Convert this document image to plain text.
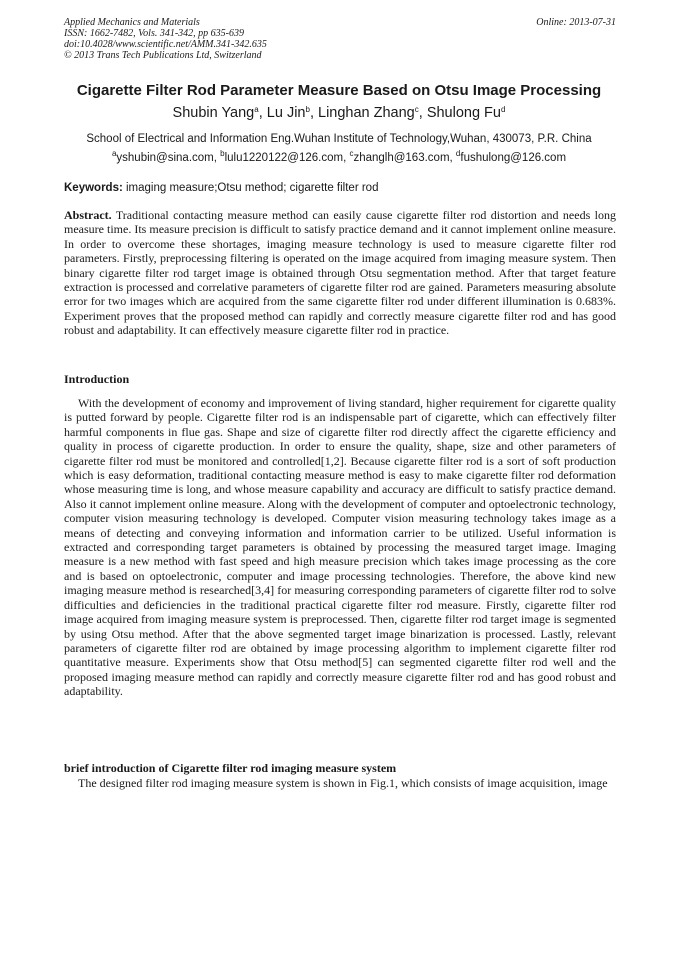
Applied Mechanics and Materials
ISSN: 1662-7482, Vols. 341-342, pp 635-639
doi:10.4028/www.scientific.net/AMM.341-342.635
© 2013 Trans Tech Publications Ltd, Switzerland
Online: 2013-07-31
Cigarette Filter Rod Parameter Measure Based on Otsu Image Processing
Shubin Yang$^a$, Lu Jin$^b$, Linghan Zhang$^c$, Shulong Fu$^d$
School of Electrical and Information Eng.Wuhan Institute of Technology,Wuhan, 430073, P.R. China
$^a$yshubin@sina.com, $^b$lulu1220122@126.com, $^c$zhanglh@163.com, $^d$fushulong@126.com
Keywords: imaging measure;Otsu method; cigarette filter rod
Abstract. Traditional contacting measure method can easily cause cigarette filter rod distortion and needs long measure time. Its measure precision is difficult to satisfy practice demand and it cannot implement online measure. In order to overcome these shortages, imaging measure technology is used to measure cigarette filter rod parameters. Firstly, preprocessing filtering is operated on the image acquired from imaging measure system. Then binary cigarette filter rod target image is obtained through Otsu segmentation method. After that target feature extraction is processed and correlative parameters of cigarette filter rod are gained. Parameters measuring absolute error for two images which are acquired from the same cigarette filter rod under different illumination is 0.683%. Experiment proves that the proposed method can rapidly and correctly measure cigarette filter rod and has good robust and adaptability. It can effectively measure cigarette filter rod in practice.
Introduction
With the development of economy and improvement of living standard, higher requirement for cigarette quality is putted forward by people. Cigarette filter rod is an indispensable part of cigarette, which can effectively filter harmful components in flue gas. Shape and size of cigarette filter rod directly affect the cigarette efficiency and quality in process of cigarette production. In order to ensure the quality, shape, size and other parameters of cigarette filter rod must be monitored and controlled[1,2]. Because cigarette filter rod is a sort of soft production which is easy deformation, traditional contacting measure method is easy to make cigarette filter rod deformation whose measuring time is long, and whose measure capability and accuracy are difficult to satisfy practice demand. Also it cannot implement online measure. Along with the development of computer and optoelectronic technology, computer vision measuring technology is developed. Computer vision measuring technology takes image as a means of detecting and conveying information and information carrier to be utilized. Useful information is extracted and corresponding target parameters is obtained by processing the measured target image. Imaging measure is a new method with fast speed and high measure precision which takes image processing as the core and is based on optoelectronic, computer and image processing technologies. Therefore, the above kind new imaging measure method is researched[3,4] for measuring corresponding parameters of cigarette filter rod to solve difficulties and deficiencies in the traditional practical cigarette filter rod measure. Firstly, cigarette filter rod image acquired from imaging measure system is preprocessed. Then, cigarette filter rod target image is segmented by using Otsu method. After that the above segmented target image binarization is processed. Lastly, relevant parameters of cigarette filter rod are obtained by image processing algorithm to implement cigarette filter rod quantitative measure. Experiments show that Otsu method[5] can segmented cigarette filter rod well and the proposed imaging measure method can rapidly and correctly measure cigarette filter rod and has good robust and adaptability.
brief introduction of Cigarette filter rod imaging measure system
The designed filter rod imaging measure system is shown in Fig.1, which consists of image acquisition, image
